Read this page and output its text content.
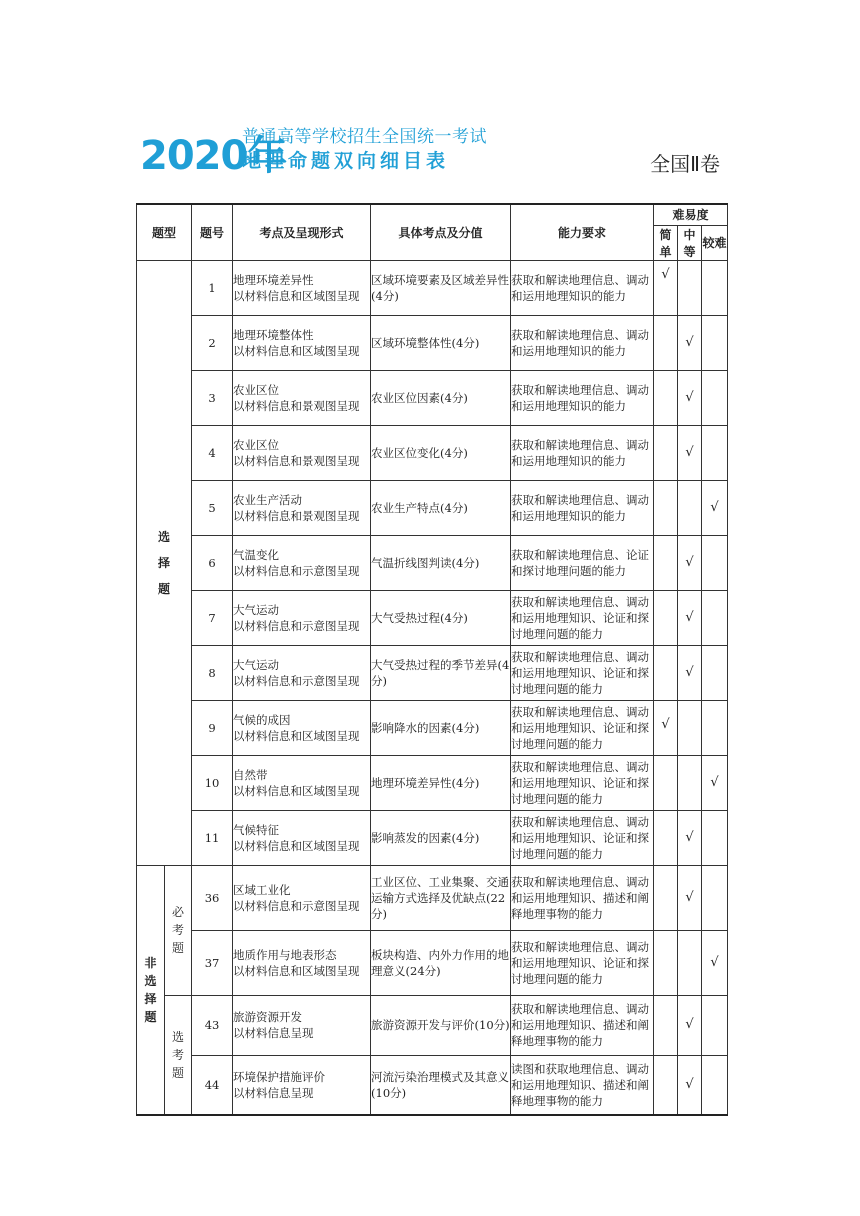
2020年
普通高等学校招生全国统一考试
地理命题双向细目表	全国Ⅱ卷
题型		题号	考点及呈现形式	具体考点及分值	能力要求	难易度		
						简单	中等	较难
选择题		1	地理环境差异性
以材料信息和区域图呈现	区域环境要素及区域差异性(4分)	获取和解读地理信息、调动和运用地理知识的能力	√		
		2	地理环境整体性
以材料信息和区域图呈现	区域环境整体性(4分)	获取和解读地理信息、调动和运用地理知识的能力		√	
		3	农业区位
以材料信息和景观图呈现	农业区位因素(4分)	获取和解读地理信息、调动和运用地理知识的能力		√	
		4	农业区位
以材料信息和景观图呈现	农业区位变化(4分)	获取和解读地理信息、调动和运用地理知识的能力		√	
		5	农业生产活动
以材料信息和景观图呈现	农业生产特点(4分)	获取和解读地理信息、调动和运用地理知识的能力			√
		6	气温变化
以材料信息和示意图呈现	气温折线图判读(4分)	获取和解读地理信息、论证和探讨地理问题的能力		√	
		7	大气运动
以材料信息和示意图呈现	大气受热过程(4分)	获取和解读地理信息、调动和运用地理知识、论证和探讨地理问题的能力		√	
		8	大气运动
以材料信息和示意图呈现	大气受热过程的季节差异(4分)	获取和解读地理信息、调动和运用地理知识、论证和探讨地理问题的能力		√	
		9	气候的成因
以材料信息和区域图呈现	影响降水的因素(4分)	获取和解读地理信息、调动和运用地理知识、论证和探讨地理问题的能力	√		
		10	自然带
以材料信息和区域图呈现	地理环境差异性(4分)	获取和解读地理信息、调动和运用地理知识、论证和探讨地理问题的能力			√
		11	气候特征
以材料信息和区域图呈现	影响蒸发的因素(4分)	获取和解读地理信息、调动和运用地理知识、论证和探讨地理问题的能力		√	
非选择题	必考题	36	区域工业化
以材料信息和示意图呈现	工业区位、工业集聚、交通运输方式选择及优缺点(22分)	获取和解读地理信息、调动和运用地理知识、描述和阐释地理事物的能力		√	
		37	地质作用与地表形态
以材料信息和区域图呈现	板块构造、内外力作用的地理意义(24分)	获取和解读地理信息、调动和运用地理知识、论证和探讨地理问题的能力			√
	选考题	43	旅游资源开发
以材料信息呈现	旅游资源开发与评价(10分)	获取和解读地理信息、调动和运用地理知识、描述和阐释地理事物的能力		√	
		44	环境保护措施评价
以材料信息呈现	河流污染治理模式及其意义(10分)	读图和获取地理信息、调动和运用地理知识、描述和阐释地理事物的能力		√	
